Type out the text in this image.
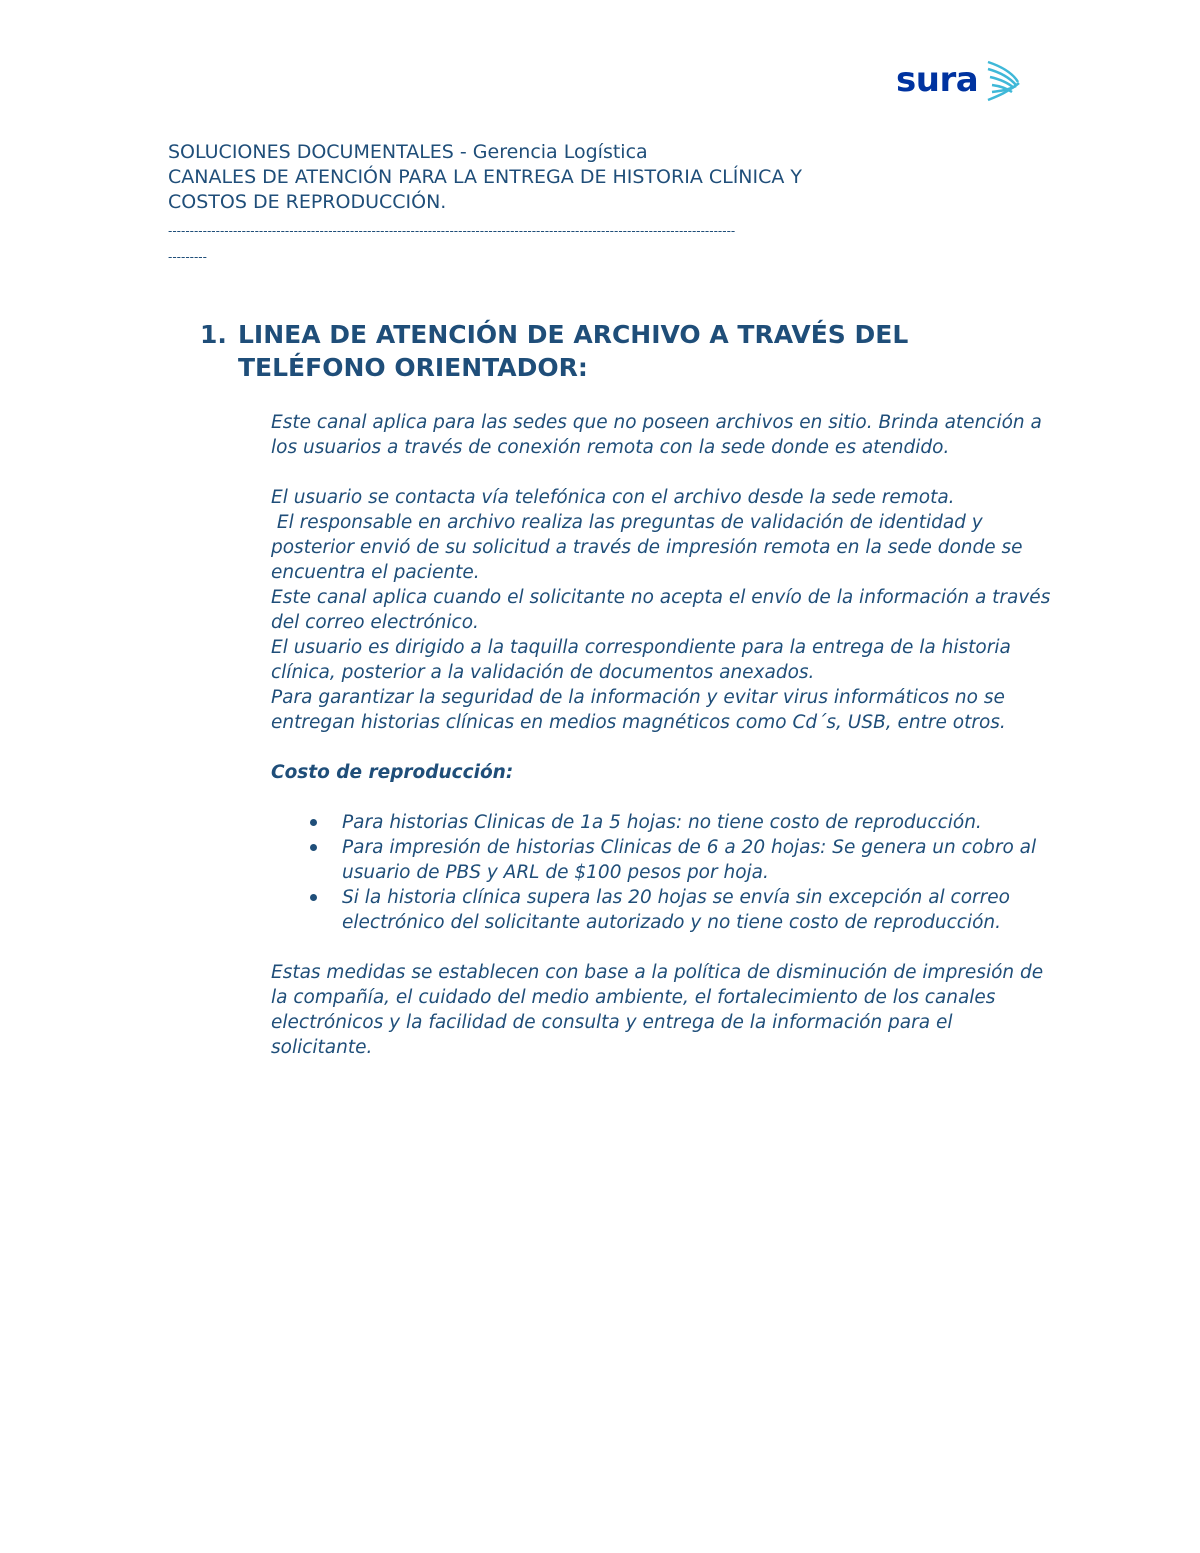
sura

SOLUCIONES DOCUMENTALES - Gerencia Logística

CANALES DE ATENCIÓN PARA LA ENTREGA DE HISTORIA CLÍNICA Y

COSTOS DE REPRODUCCIÓN.

-----------------------------------------------------------------------------------------------------------------------------------
---------
1. LINEA DE ATENCIÓN DE ARCHIVO A TRAVÉS DEL TELÉFONO ORIENTADOR:

Este canal aplica para las sedes que no poseen archivos en sitio. Brinda atención a los usuarios a través de conexión remota con la sede donde es atendido.

El usuario se contacta vía telefónica con el archivo desde la sede remota.

El responsable en archivo realiza las preguntas de validación de identidad y posterior envió de su solicitud a través de impresión remota en la sede donde se encuentra el paciente.

Este canal aplica cuando el solicitante no acepta el envío de la información a través del correo electrónico.

El usuario es dirigido a la taquilla correspondiente para la entrega de la historia clínica, posterior a la validación de documentos anexados.

Para garantizar la seguridad de la información y evitar virus informáticos no se entregan historias clínicas en medios magnéticos como Cd´s, USB, entre otros.

Costo de reproducción:

Para historias Clinicas de 1a 5 hojas: no tiene costo de reproducción.
Para impresión de historias Clinicas de 6 a 20 hojas: Se genera un cobro al usuario de PBS y ARL de $100 pesos por hoja.
Si la historia clínica supera las 20 hojas se envía sin excepción al correo electrónico del solicitante autorizado y no tiene costo de reproducción.

Estas medidas se establecen con base a la política de disminución de impresión de la compañía, el cuidado del medio ambiente, el fortalecimiento de los canales electrónicos y la facilidad de consulta y entrega de la información para el solicitante.
